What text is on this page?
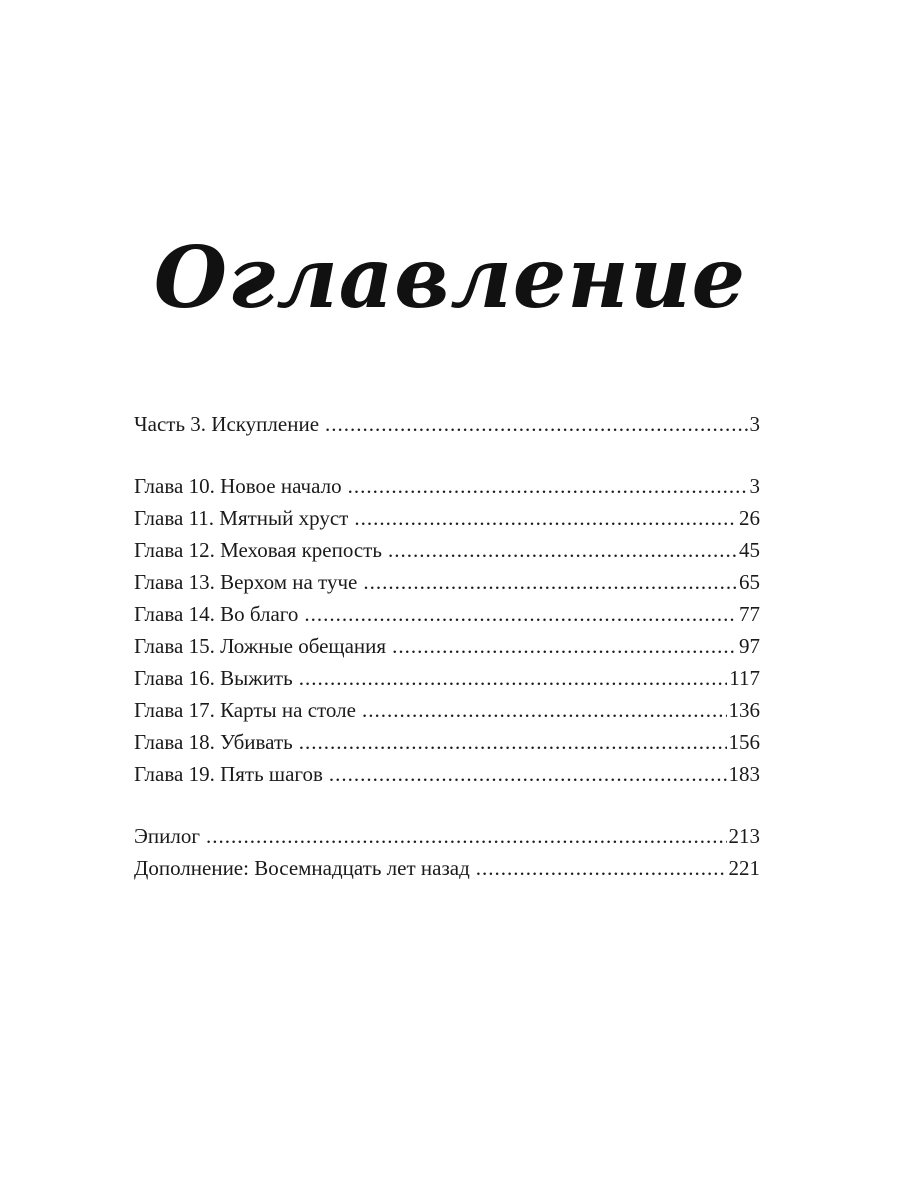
Оглавление
Часть 3. Искупление .....	3
Глава 10. Новое начало .....	3
Глава 11. Мятный хруст .....	26
Глава 12. Меховая крепость .....	45
Глава 13. Верхом на туче .....	65
Глава 14. Во благо .....	77
Глава 15. Ложные обещания .....	97
Глава 16. Выжить .....	117
Глава 17. Карты на столе .....	136
Глава 18. Убивать .....	156
Глава 19. Пять шагов .....	183
Эпилог .....	213
Дополнение: Восемнадцать лет назад .....	221
